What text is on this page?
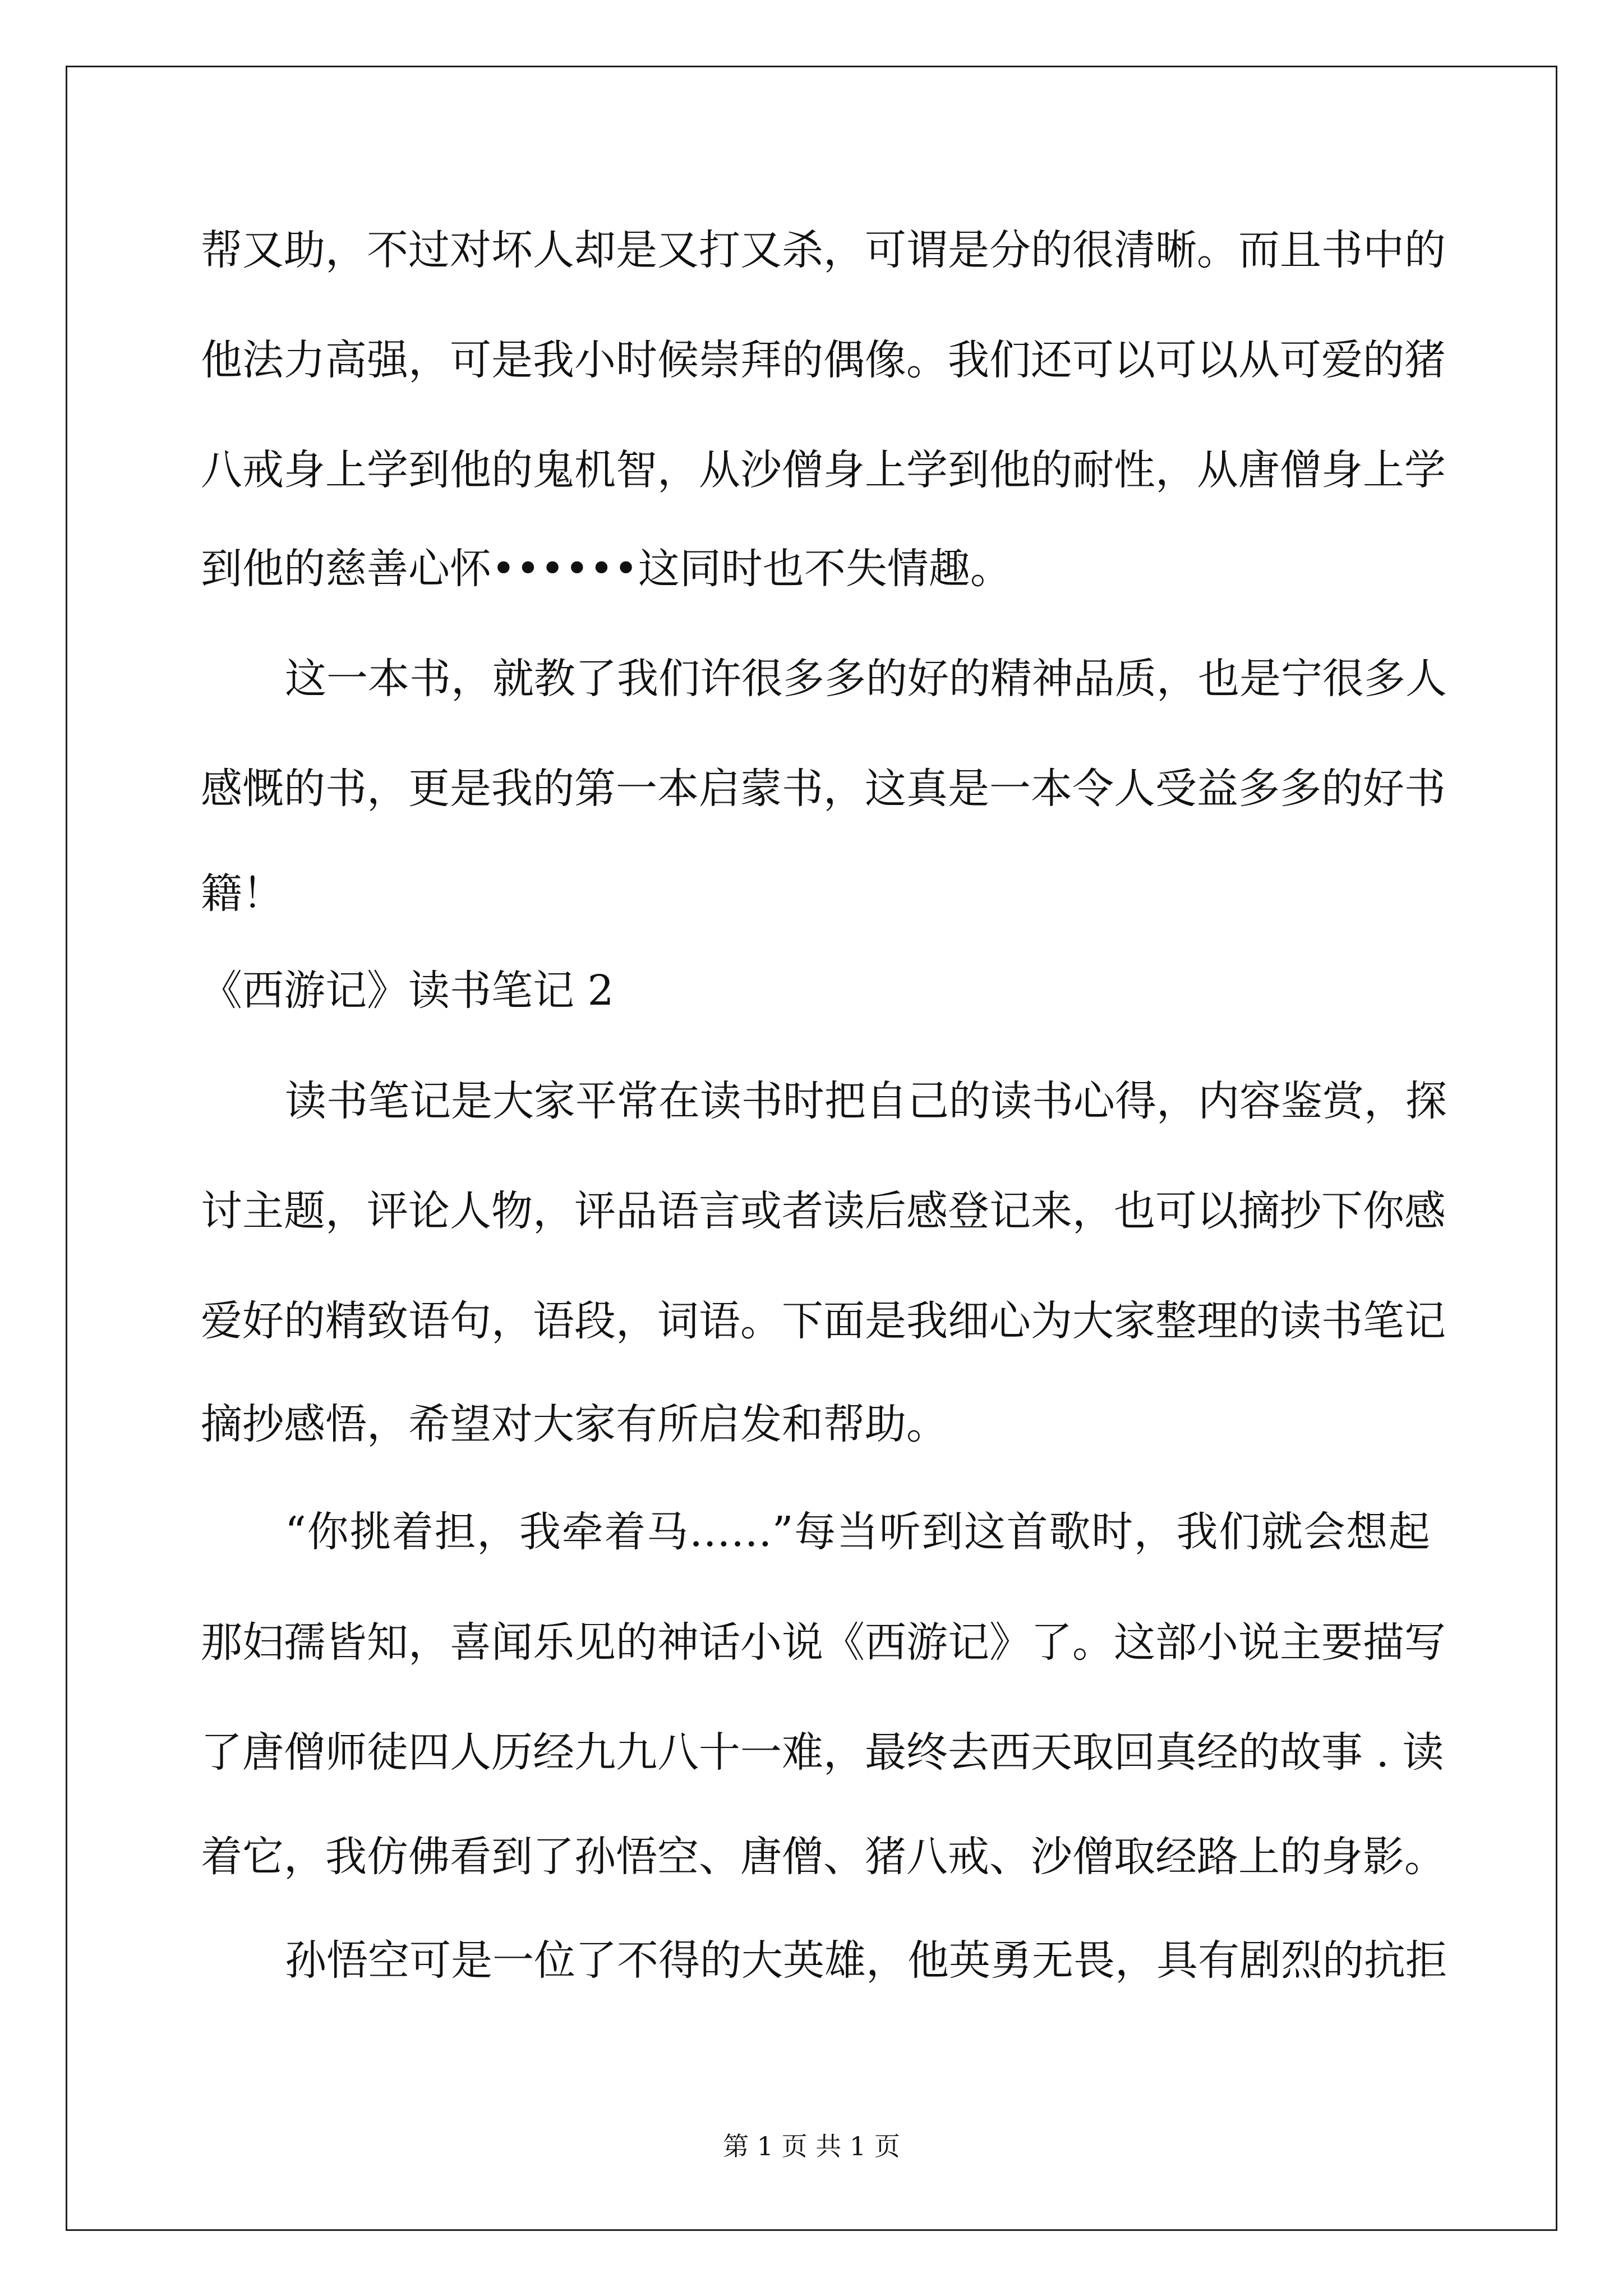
帮又助，不过对坏人却是又打又杀，可谓是分的很清晰。而且书中的
他法力高强，可是我小时候崇拜的偶像。我们还可以可以从可爱的猪
八戒身上学到他的鬼机智，从沙僧身上学到他的耐性，从唐僧身上学
到他的慈善心怀••••••这同时也不失情趣。
这一本书，就教了我们许很多多的好的精神品质，也是宁很多人
感慨的书，更是我的第一本启蒙书，这真是一本令人受益多多的好书
籍！
《西游记》读书笔记 2
读书笔记是大家平常在读书时把自己的读书心得，内容鉴赏，探
讨主题，评论人物，评品语言或者读后感登记来，也可以摘抄下你感
爱好的精致语句，语段，词语。下面是我细心为大家整理的读书笔记
摘抄感悟，希望对大家有所启发和帮助。
“你挑着担，我牵着马……”每当听到这首歌时，我们就会想起
那妇孺皆知，喜闻乐见的神话小说《西游记》了。这部小说主要描写
了唐僧师徒四人历经九九八十一难，最终去西天取回真经的故事 . 读
着它，我仿佛看到了孙悟空、唐僧、猪八戒、沙僧取经路上的身影。
孙悟空可是一位了不得的大英雄，他英勇无畏，具有剧烈的抗拒
第 1 页 共 1 页
